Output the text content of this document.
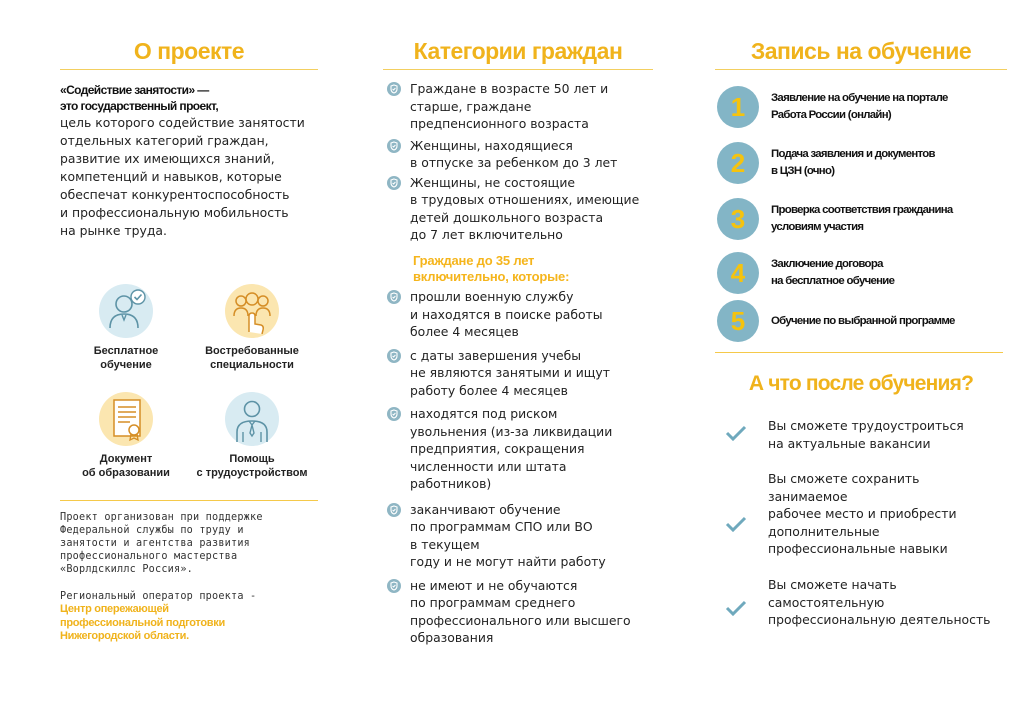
О проекте
«Содействие занятости» —
это государственный проект,
цель которого содействие занятости
отдельных категорий граждан,
развитие их имеющихся знаний,
компетенций и навыков, которые
обеспечат конкурентоспособность
и профессиональную мобильность
на рынке труда.
Бесплатное
обучение
Востребованные
специальности
Документ
об образовании
Помощь
с трудоустройством
Проект организован при поддержке
Федеральной службы по труду и
занятости и агентства развития
профессионального мастерства
«Ворлдскиллс Россия».
Региональный оператор проекта -
Центр опережающей
профессиональной подготовки
Нижегородской области.
Категории граждан
Граждане в возрасте 50 лет и
старше, граждане
предпенсионного возраста
Женщины, находящиеся
в отпуске за ребенком до 3 лет
Женщины, не состоящие
в трудовых отношениях, имеющие
детей дошкольного возраста
до 7 лет включительно
Граждане до 35 лет
включительно, которые:
прошли военную службу
и находятся в поиске работы
более 4 месяцев
с даты завершения учебы
не являются занятыми и ищут
работу более 4 месяцев
находятся под риском
увольнения (из-за ликвидации
предприятия, сокращения
численности или штата
работников)
заканчивают обучение
по программам СПО или ВО
в текущем
году и не могут найти работу
не имеют и не обучаются
по программам среднего
профессионального или высшего
образования
Запись на обучение
1	Заявление на обучение на портале
Работа России (онлайн)
2	Подача заявления и документов
в ЦЗН (очно)
3	Проверка соответствия гражданина
условиям участия
4	Заключение договора
на бесплатное обучение
5	Обучение по выбранной программе
А что после обучения?
Вы сможете трудоустроиться
на актуальные вакансии
Вы сможете сохранить
занимаемое
рабочее место и приобрести
дополнительные
профессиональные навыки
Вы сможете начать
самостоятельную
профессиональную деятельность
